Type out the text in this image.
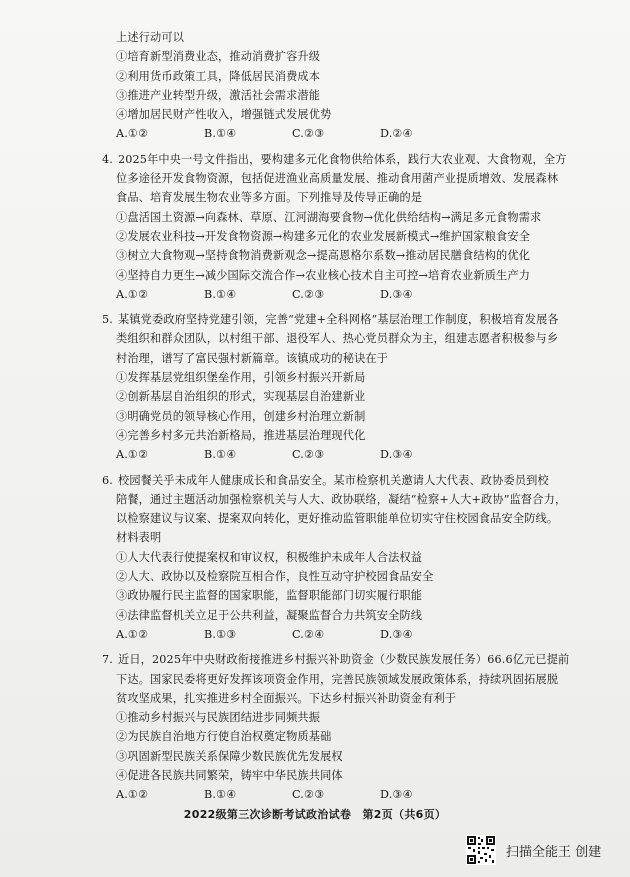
上述行动可以
①培育新型消费业态，推动消费扩容升级
②利用货币政策工具，降低居民消费成本
③推进产业转型升级，激活社会需求潜能
④增加居民财产性收入，增强链式发展优势
A.①②	B.①④	C.②③	D.②④
4. 2025年中央一号文件指出，要构建多元化食物供给体系，践行大农业观、大食物观，全方
位多途径开发食物资源，包括促进渔业高质量发展、推动食用菌产业提质增效、发展森林
食品、培育发展生物农业等多方面。下列推导及传导正确的是
①盘活国土资源→向森林、草原、江河湖海要食物→优化供给结构→满足多元食物需求
②发展农业科技→开发食物资源→构建多元化的农业发展新模式→维护国家粮食安全
③树立大食物观→坚持食物消费新观念→提高恩格尔系数→推动居民膳食结构的优化
④坚持自力更生→减少国际交流合作→农业核心技术自主可控→培育农业新质生产力
A.①②	B.①④	C.②③	D.③④
5. 某镇党委政府坚持党建引领，完善“党建+全科网格”基层治理工作制度，积极培育发展各
类组织和群众团队，以村组干部、退役军人、热心党员群众为主，组建志愿者积极参与乡
村治理，谱写了富民强村新篇章。该镇成功的秘诀在于
①发挥基层党组织堡垒作用，引领乡村振兴开新局
②创新基层自治组织的形式，实现基层自治建新业
③明确党员的领导核心作用，创建乡村治理立新制
④完善乡村多元共治新格局，推进基层治理现代化
A.①②	B.①④	C.②③	D.③④
6. 校园餐关乎未成年人健康成长和食品安全。某市检察机关邀请人大代表、政协委员到校
陪餐，通过主题活动加强检察机关与人大、政协联络，凝结“检察+人大+政协”监督合力，
以检察建议与议案、提案双向转化，更好推动监管职能单位切实守住校园食品安全防线。
材料表明
①人大代表行使提案权和审议权，积极维护未成年人合法权益
②人大、政协以及检察院互相合作，良性互动守护校园食品安全
③政协履行民主监督的国家职能，监督职能部门切实履行职能
④法律监督机关立足于公共利益，凝聚监督合力共筑安全防线
A.①②	B.①③	C.②④	D.③④
7. 近日，2025年中央财政衔接推进乡村振兴补助资金（少数民族发展任务）66.6亿元已提前
下达。国家民委将更好发挥该项资金作用，完善民族领域发展政策体系，持续巩固拓展脱
贫攻坚成果，扎实推进乡村全面振兴。下达乡村振兴补助资金有利于
①推动乡村振兴与民族团结进步同频共振
②为民族自治地方行使自治权奠定物质基础
③巩固新型民族关系保障少数民族优先发展权
④促进各民族共同繁荣，铸牢中华民族共同体
A.①②	B.①④	C.②③	D.③④
2022级第三次诊断考试政治试卷　第2页（共6页）
扫描全能王 创建
